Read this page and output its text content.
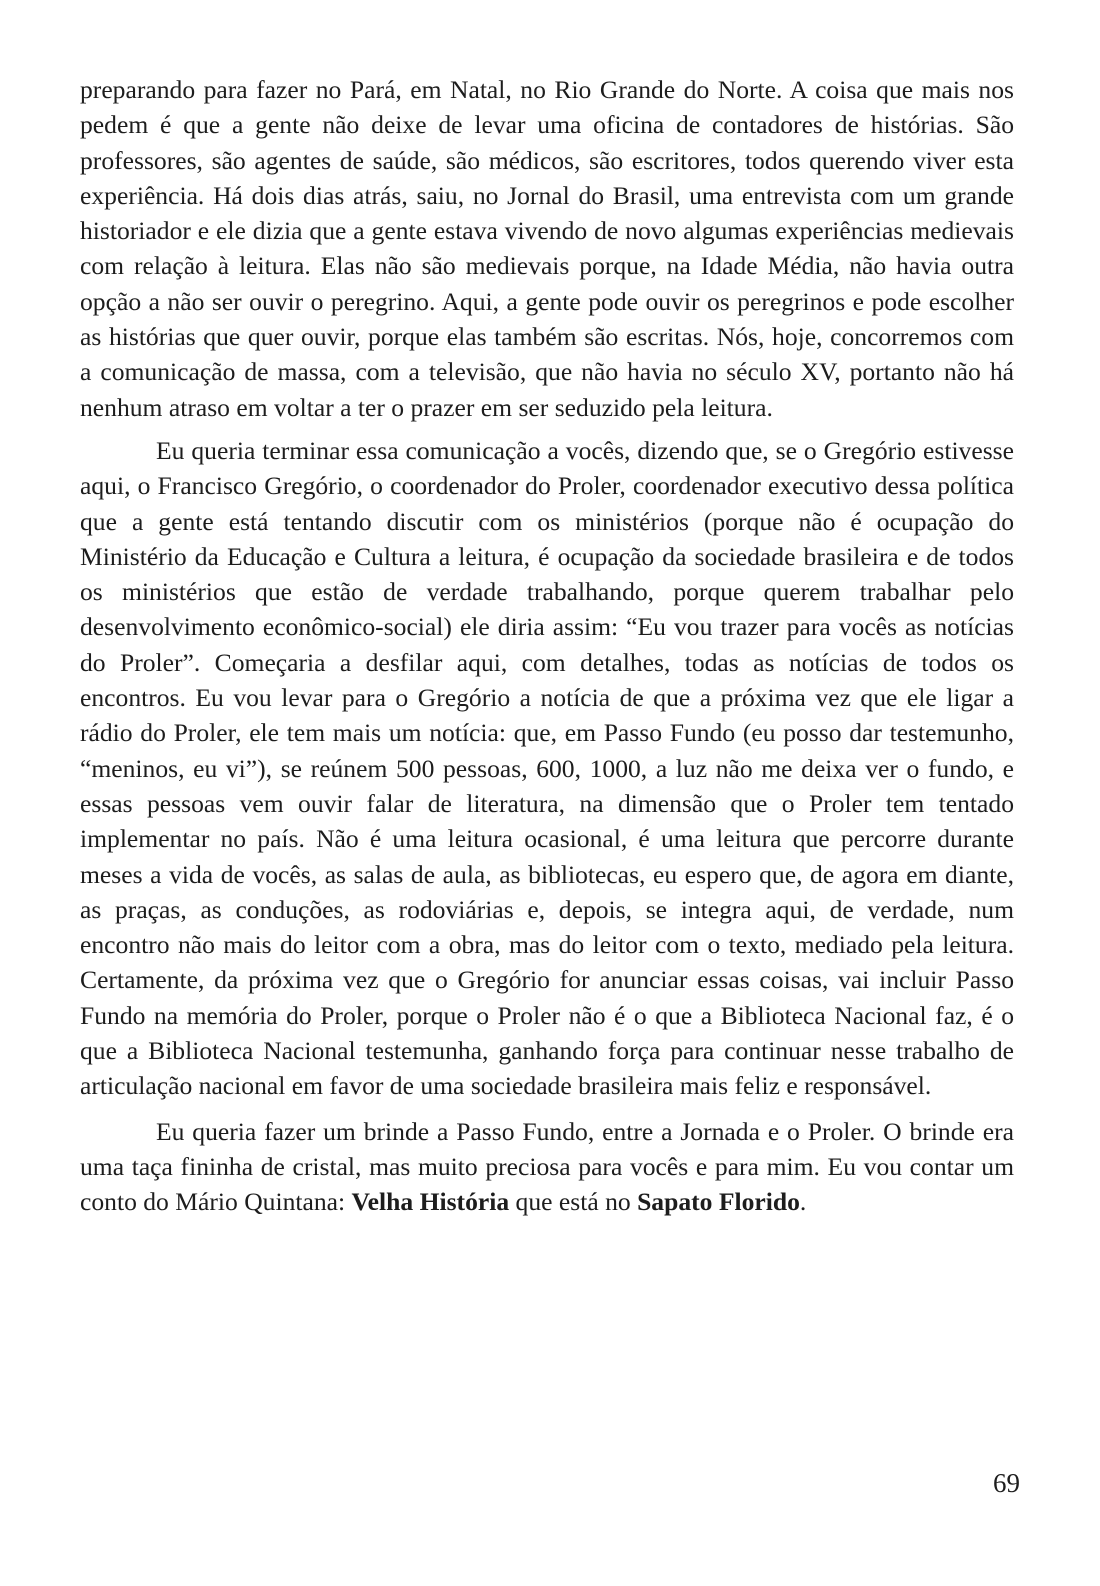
preparando para fazer no Pará, em Natal, no Rio Grande do Norte. A coisa que mais nos pedem é que a gente não deixe de levar uma oficina de contadores de histórias. São professores, são agentes de saúde, são médicos, são escritores, todos querendo viver esta experiência. Há dois dias atrás, saiu, no Jornal do Brasil, uma entrevista com um grande historiador e ele dizia que a gente estava vivendo de novo algumas experiências medievais com relação à leitura. Elas não são medievais porque, na Idade Média, não havia outra opção a não ser ouvir o peregrino. Aqui, a gente pode ouvir os peregrinos e pode escolher as histórias que quer ouvir, porque elas também são escritas. Nós, hoje, concorremos com a comunicação de massa, com a televisão, que não havia no século XV, portanto não há nenhum atraso em voltar a ter o prazer em ser seduzido pela leitura.

Eu queria terminar essa comunicação a vocês, dizendo que, se o Gregório estivesse aqui, o Francisco Gregório, o coordenador do Proler, coordenador executivo dessa política que a gente está tentando discutir com os ministérios (porque não é ocupação do Ministério da Educação e Cultura a leitura, é ocupação da sociedade brasileira e de todos os ministérios que estão de verdade trabalhando, porque querem trabalhar pelo desenvolvimento econômico-social) ele diria assim: “Eu vou trazer para vocês as notícias do Proler”. Começaria a desfilar aqui, com detalhes, todas as notícias de todos os encontros. Eu vou levar para o Gregório a notícia de que a próxima vez que ele ligar a rádio do Proler, ele tem mais um notícia: que, em Passo Fundo (eu posso dar testemunho, “meninos, eu vi”), se reúnem 500 pessoas, 600, 1000, a luz não me deixa ver o fundo, e essas pessoas vem ouvir falar de literatura, na dimensão que o Proler tem tentado implementar no país. Não é uma leitura ocasional, é uma leitura que percorre durante meses a vida de vocês, as salas de aula, as bibliotecas, eu espero que, de agora em diante, as praças, as conduções, as rodoviárias e, depois, se integra aqui, de verdade, num encontro não mais do leitor com a obra, mas do leitor com o texto, mediado pela leitura. Certamente, da próxima vez que o Gregório for anunciar essas coisas, vai incluir Passo Fundo na memória do Proler, porque o Proler não é o que a Biblioteca Nacional faz, é o que a Biblioteca Nacional testemunha, ganhando força para continuar nesse trabalho de articulação nacional em favor de uma sociedade brasileira mais feliz e responsável.

Eu queria fazer um brinde a Passo Fundo, entre a Jornada e o Proler. O brinde era uma taça fininha de cristal, mas muito preciosa para vocês e para mim. Eu vou contar um conto do Mário Quintana: Velha História que está no Sapato Florido.

69
